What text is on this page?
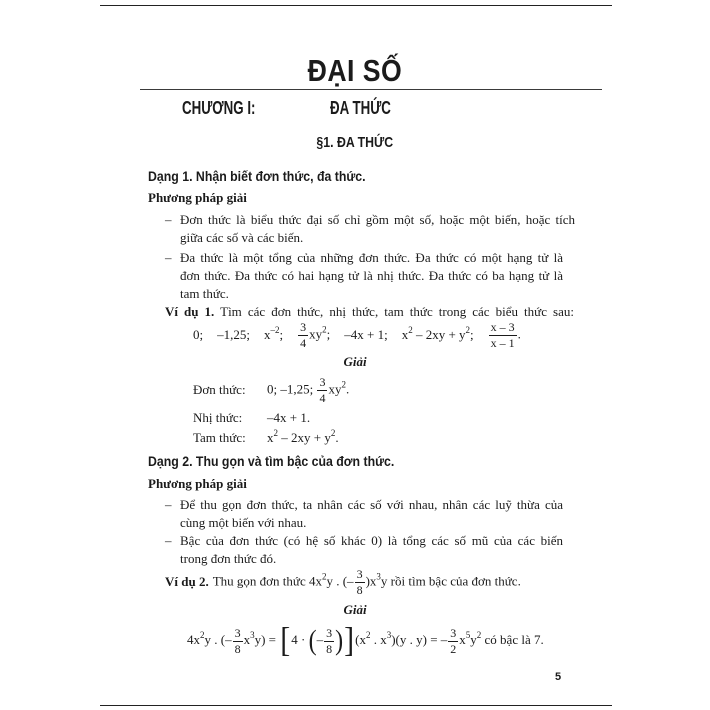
ĐẠI SỐ
CHƯƠNG I:	ĐA THỨC
§1. ĐA THỨC
Dạng 1. Nhận biết đơn thức, đa thức.
Phương pháp giải
– Đơn thức là biểu thức đại số chỉ gồm một số, hoặc một biến, hoặc tích
giữa các số và các biến.
– Đa thức là một tổng của những đơn thức. Đa thức có một hạng tử là
đơn thức. Đa thức có hai hạng tử là nhị thức. Đa thức có ba hạng tử là
tam thức.
Ví dụ 1. Tìm các đơn thức, nhị thức, tam thức trong các biểu thức sau:
0; –1,25; $x^{-2}$; $\frac{3}{4} xy^2$; –4x + 1; $x^2 - 2xy + y^2$; $\frac{x - 3}{x - 1}$ .
Giải
Đơn thức:	0; –1,25; $\frac{3}{4} xy^2$.
Nhị thức:	–4x + 1.
Tam thức:	$x^2 - 2xy + y^2$.
Dạng 2. Thu gọn và tìm bậc của đơn thức.
Phương pháp giải
– Để thu gọn đơn thức, ta nhân các số với nhau, nhân các luỹ thừa của
cùng một biến với nhau.
– Bậc của đơn thức (có hệ số khác 0) là tổng các số mũ của các biến
trong đơn thức đó.
Ví dụ 2. Thu gọn đơn thức $4x^2y$ . (– $\frac{3}{8} )x^3y$ rồi tìm bậc của đơn thức.
Giải
$4x^2y$ . (– $\frac{3}{8} x^3y) = [4$ · (– $\frac{3}{8} )](x^2$ . $x^3)(y$ . y) = – $\frac{3}{2} x^5y^2$ có bậc là 7.
5
